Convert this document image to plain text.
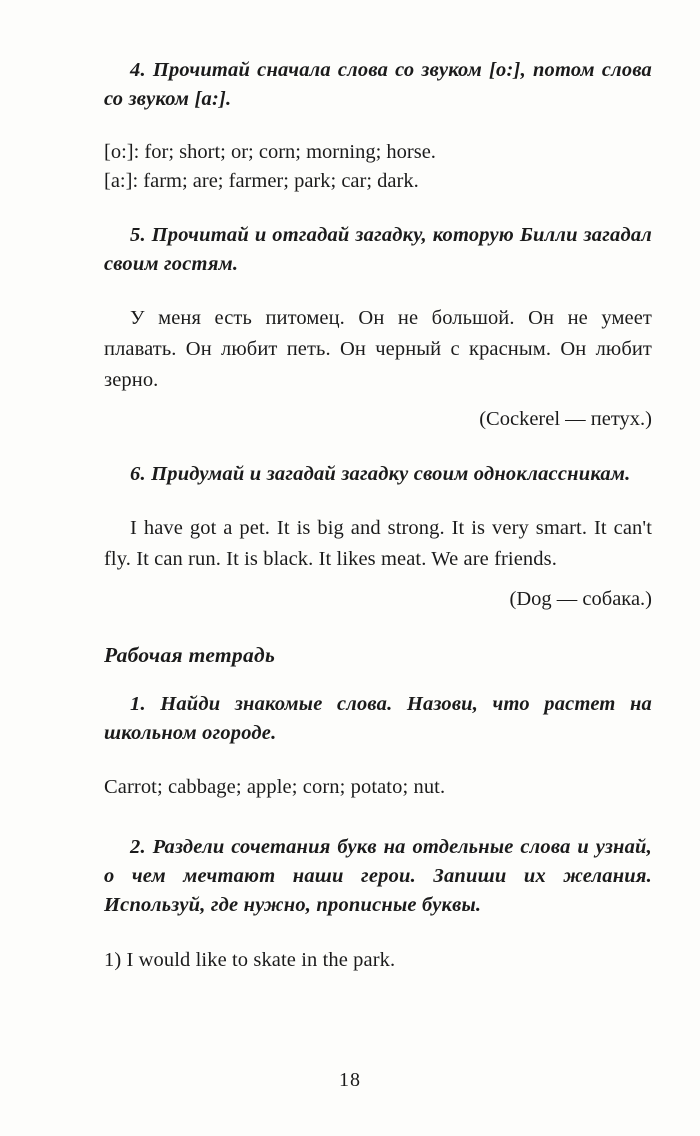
4. Прочитай сначала слова со звуком [o:], потом слова со звуком [a:].

[o:]: for; short; or; corn; morning; horse.

[a:]: farm; are; farmer; park; car; dark.

5. Прочитай и отгадай загадку, которую Билли загадал своим гостям.

У меня есть питомец. Он не большой. Он не умеет плавать. Он любит петь. Он черный с красным. Он любит зерно.

(Cockerel — петух.)

6. Придумай и загадай загадку своим одноклассникам.

I have got a pet. It is big and strong. It is very smart. It can't fly. It can run. It is black. It likes meat. We are friends.

(Dog — собака.)

Рабочая тетрадь

1. Найди знакомые слова. Назови, что растет на школьном огороде.

Carrot; cabbage; apple; corn; potato; nut.

2. Раздели сочетания букв на отдельные слова и узнай, о чем мечтают наши герои. Запиши их желания. Используй, где нужно, прописные буквы.

1) I would like to skate in the park.

18
